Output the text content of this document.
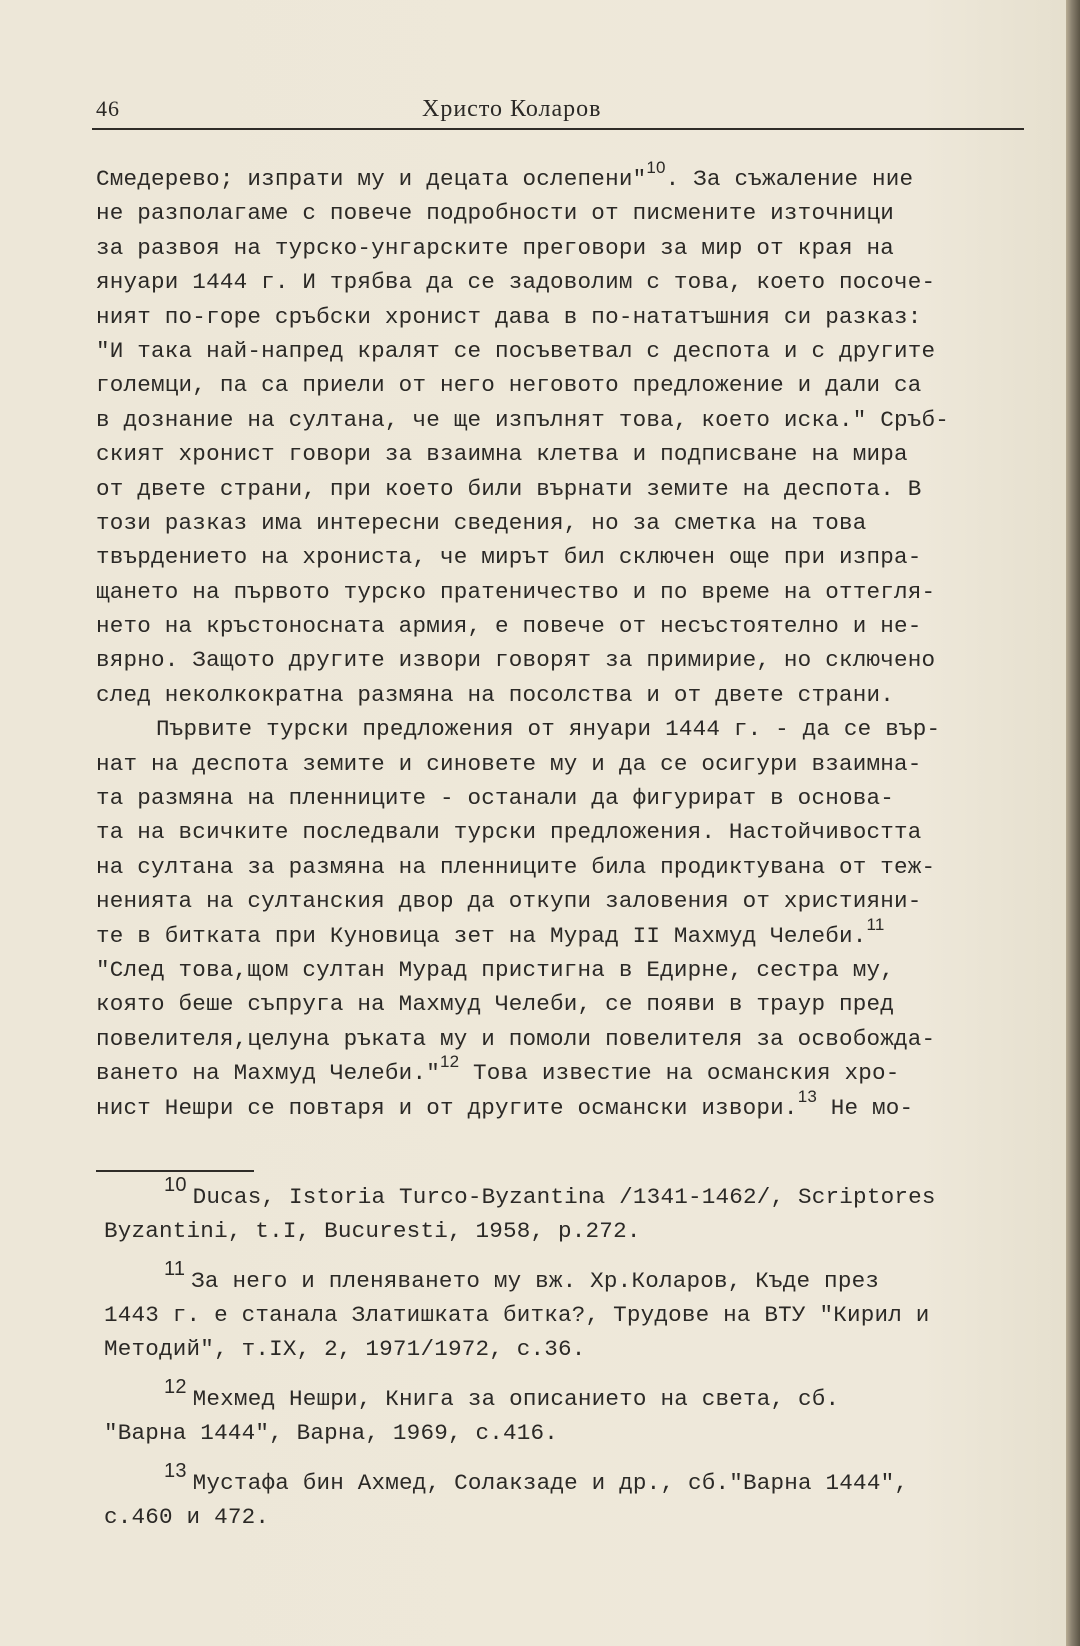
46	Христо Коларов
Смедерево; изпрати му и децата ослепени"$^{10}$. За съжаление ние
не разполагаме с повече подробности от писмените източници
за развоя на турско-унгарските преговори за мир от края на
януари 1444 г. И трябва да се задоволим с това, което посоче-
ният по-горе сръбски хронист дава в по-нататъшния си разказ:
"И така най-напред кралят се посъветвал с деспота и с другите
големци, па са приели от него неговото предложение и дали са
в дознание на султана, че ще изпълнят това, което иска." Сръб-
ският хронист говори за взаимна клетва и подписване на мира
от двете страни, при което били върнати земите на деспота. В
този разказ има интересни сведения, но за сметка на това
твърдението на хрониста, че мирът бил сключен още при изпра-
щането на първото турско пратеничество и по време на оттегля-
нето на кръстоносната армия, е повече от несъстоятелно и не-
вярно. Защото другите извори говорят за примирие, но сключено
след неколкократна размяна на посолства и от двете страни.
Първите турски предложения от януари 1444 г. - да се вър-
нат на деспота земите и синовете му и да се осигури взаимна-
та размяна на пленниците - останали да фигурират в основа-
та на всичките последвали турски предложения. Настойчивостта
на султана за размяна на пленниците била продиктувана от теж-
ненията на султанския двор да откупи заловения от християни-
те в битката при Куновица зет на Мурад II Махмуд Челеби.$^{11}$
"След това,щом султан Мурад пристигна в Едирне, сестра му,
която беше съпруга на Махмуд Челеби, се появи в траур пред
повелителя,целуна ръката му и помоли повелителя за освобожда-
ването на Махмуд Челеби."$^{12}$ Това известие на османския хро-
нист Нешри се повтаря и от другите османски извори.$^{13}$ Не мо-
10 Ducas, Istoria Turco-Byzantina /1341-1462/, Scriptores
Byzantini, t.I, Bucuresti, 1958, p.272.
11 За него и пленяването му вж. Хр.Коларов, Къде през
1443 г. е станала Златишката битка?, Трудове на ВТУ "Кирил и
Методий", т.IX, 2, 1971/1972, с.36.
12 Мехмед Нешри, Книга за описанието на света, сб.
"Варна 1444", Варна, 1969, с.416.
13 Мустафа бин Ахмед, Солакзаде и др., сб."Варна 1444",
с.460 и 472.
